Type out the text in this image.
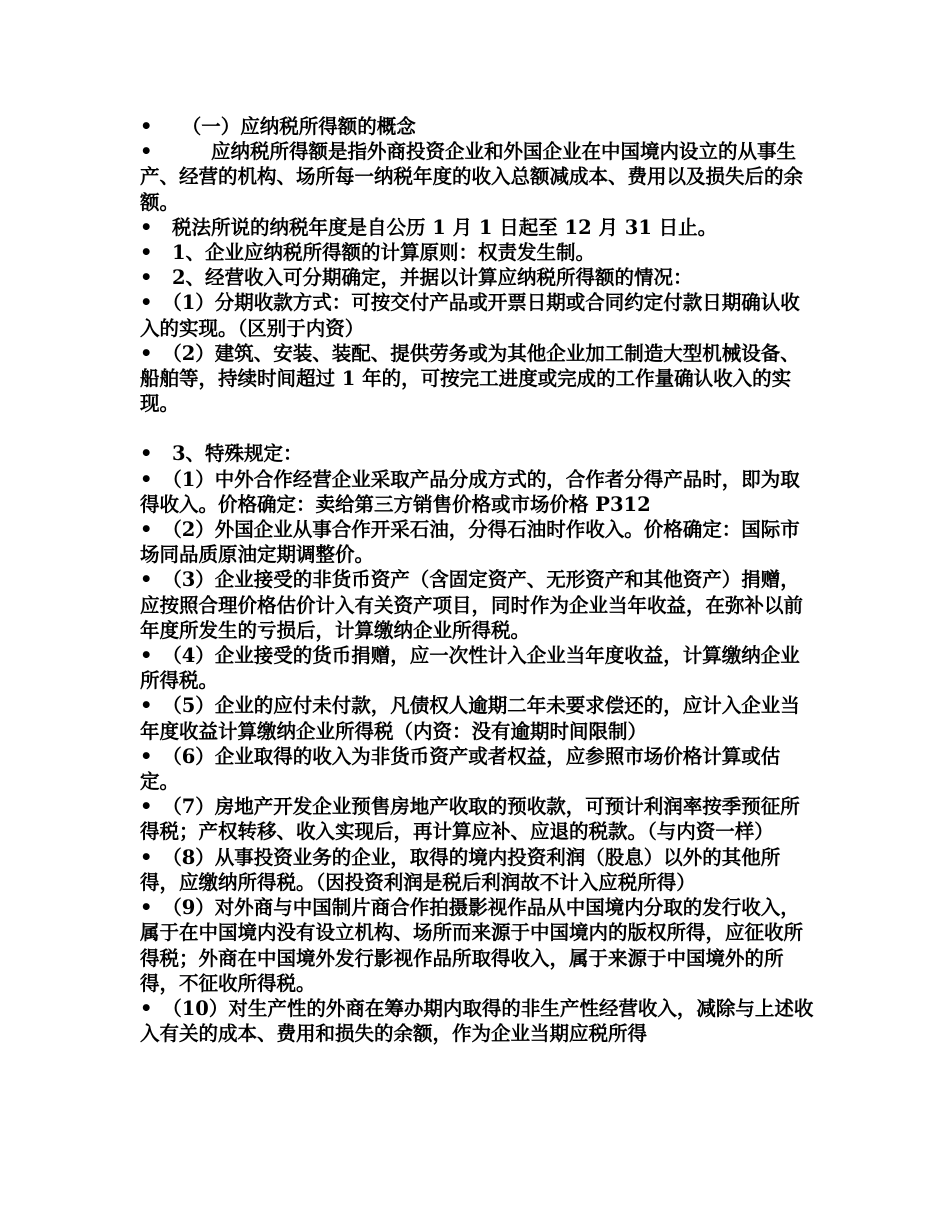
•　　（一）应纳税所得额的概念

•　　　应纳税所得额是指外商投资企业和外国企业在中国境内设立的从事生产、经营的机构、场所每一纳税年度的收入总额减成本、费用以及损失后的余额。

•　税法所说的纳税年度是自公历 1 月 1 日起至 12 月 31 日止。

•　1、企业应纳税所得额的计算原则：权责发生制。

•　2、经营收入可分期确定，并据以计算应纳税所得额的情况：

•　（1）分期收款方式：可按交付产品或开票日期或合同约定付款日期确认收入的实现。（区别于内资）

•　（2）建筑、安装、装配、提供劳务或为其他企业加工制造大型机械设备、船舶等，持续时间超过 1 年的，可按完工进度或完成的工作量确认收入的实现。

•　3、特殊规定：

•　（1）中外合作经营企业采取产品分成方式的，合作者分得产品时，即为取得收入。价格确定：卖给第三方销售价格或市场价格 P312

•　（2）外国企业从事合作开采石油，分得石油时作收入。价格确定：国际市场同品质原油定期调整价。

•　（3）企业接受的非货币资产（含固定资产、无形资产和其他资产）捐赠，应按照合理价格估价计入有关资产项目，同时作为企业当年收益，在弥补以前年度所发生的亏损后，计算缴纳企业所得税。

•　（4）企业接受的货币捐赠，应一次性计入企业当年度收益，计算缴纳企业所得税。

•　（5）企业的应付未付款，凡债权人逾期二年未要求偿还的，应计入企业当年度收益计算缴纳企业所得税（内资：没有逾期时间限制）

•　（6）企业取得的收入为非货币资产或者权益，应参照市场价格计算或估定。

•　（7）房地产开发企业预售房地产收取的预收款，可预计利润率按季预征所得税；产权转移、收入实现后，再计算应补、应退的税款。（与内资一样）

•　（8）从事投资业务的企业，取得的境内投资利润（股息）以外的其他所得，应缴纳所得税。（因投资利润是税后利润故不计入应税所得）

•　（9）对外商与中国制片商合作拍摄影视作品从中国境内分取的发行收入，属于在中国境内没有设立机构、场所而来源于中国境内的版权所得，应征收所得税；外商在中国境外发行影视作品所取得收入，属于来源于中国境外的所得，不征收所得税。

•　（10）对生产性的外商在筹办期内取得的非生产性经营收入，减除与上述收入有关的成本、费用和损失的余额，作为企业当期应税所得
